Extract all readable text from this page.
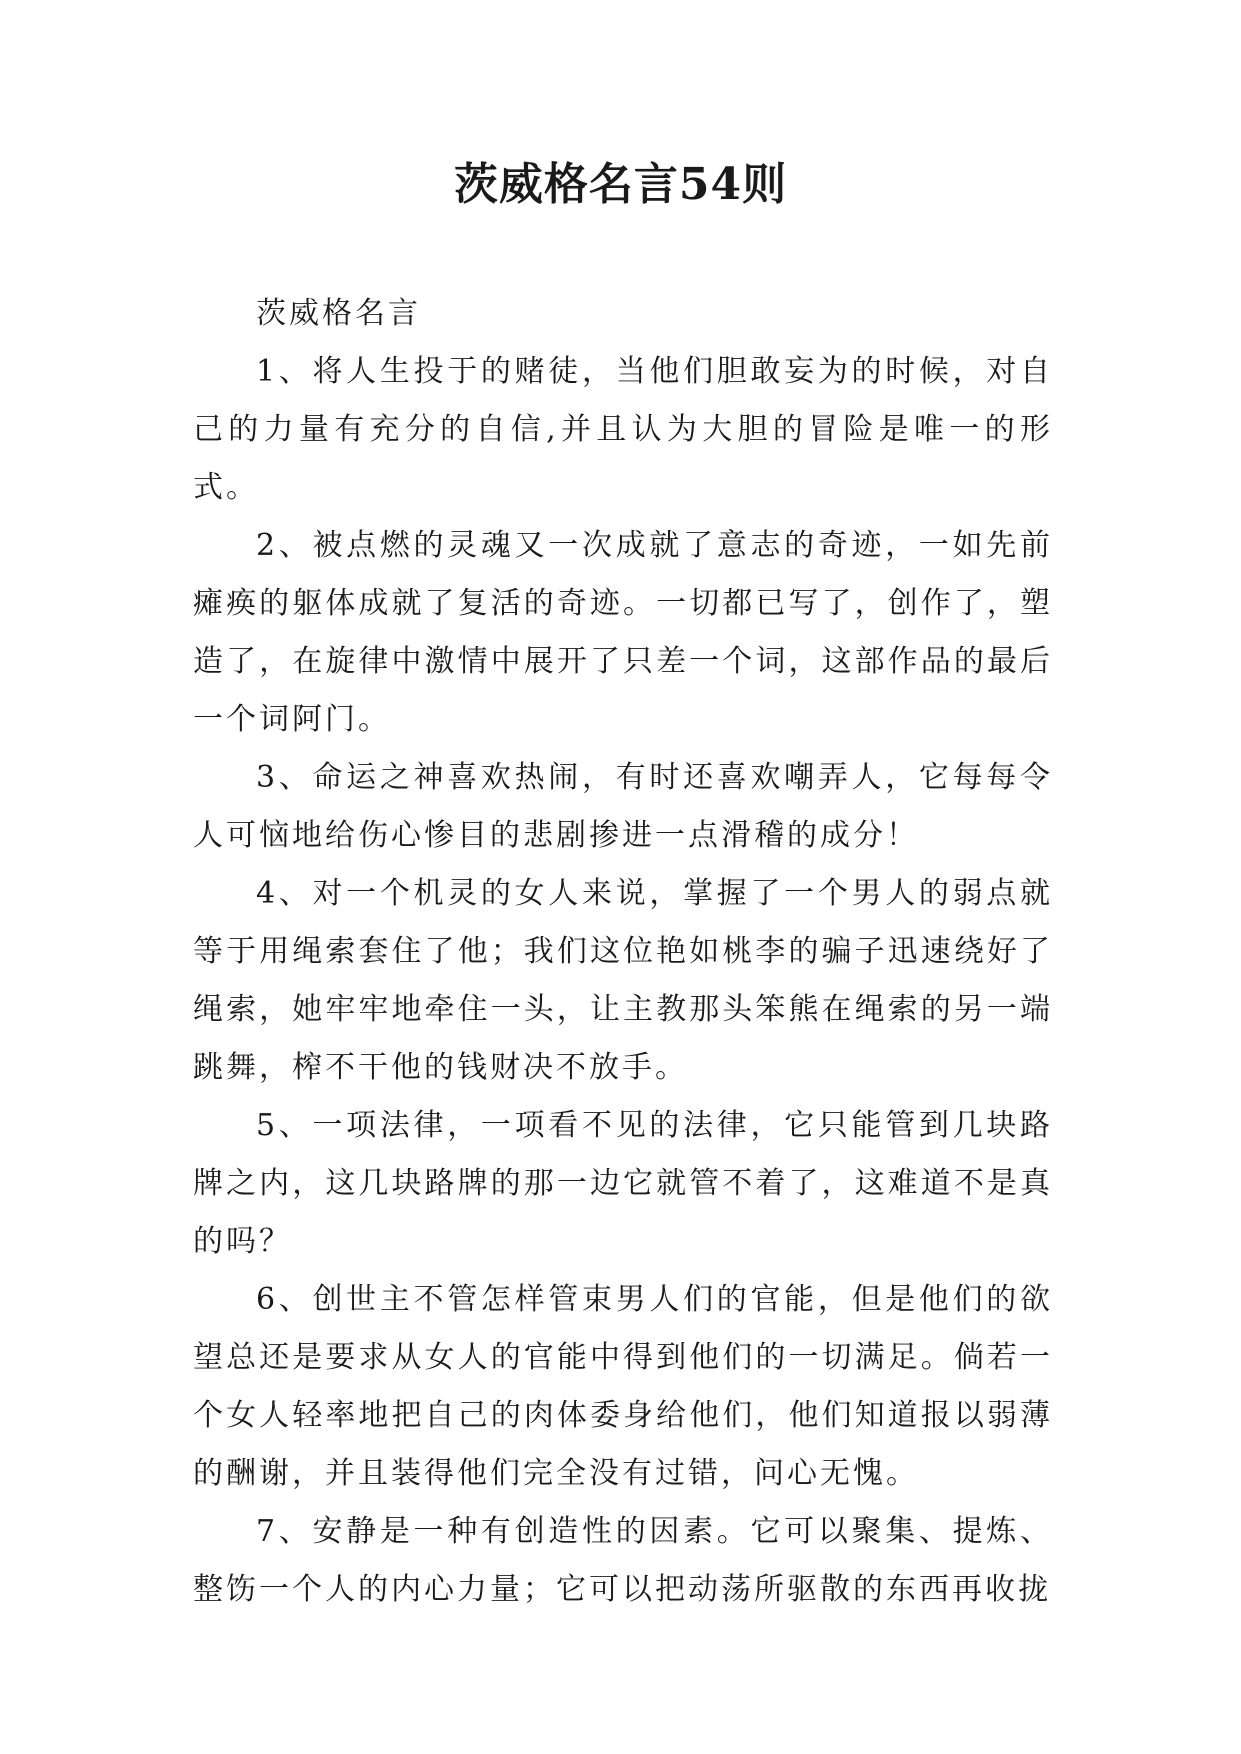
茨威格名言54则

茨威格名言

1、将人生投于的赌徒，当他们胆敢妄为的时候，对自己的力量有充分的自信,并且认为大胆的冒险是唯一的形式。

2、被点燃的灵魂又一次成就了意志的奇迹，一如先前瘫痪的躯体成就了复活的奇迹。一切都已写了，创作了，塑造了，在旋律中激情中展开了只差一个词，这部作品的最后一个词阿门。

3、命运之神喜欢热闹，有时还喜欢嘲弄人，它每每令人可恼地给伤心惨目的悲剧掺进一点滑稽的成分！

4、对一个机灵的女人来说，掌握了一个男人的弱点就等于用绳索套住了他；我们这位艳如桃李的骗子迅速绕好了绳索，她牢牢地牵住一头，让主教那头笨熊在绳索的另一端跳舞，榨不干他的钱财决不放手。

5、一项法律，一项看不见的法律，它只能管到几块路牌之内，这几块路牌的那一边它就管不着了，这难道不是真的吗？

6、创世主不管怎样管束男人们的官能，但是他们的欲望总还是要求从女人的官能中得到他们的一切满足。倘若一个女人轻率地把自己的肉体委身给他们，他们知道报以弱薄的酬谢，并且装得他们完全没有过错，问心无愧。

7、安静是一种有创造性的因素。它可以聚集、提炼、整饬一个人的内心力量；它可以把动荡所驱散的东西再收拢
